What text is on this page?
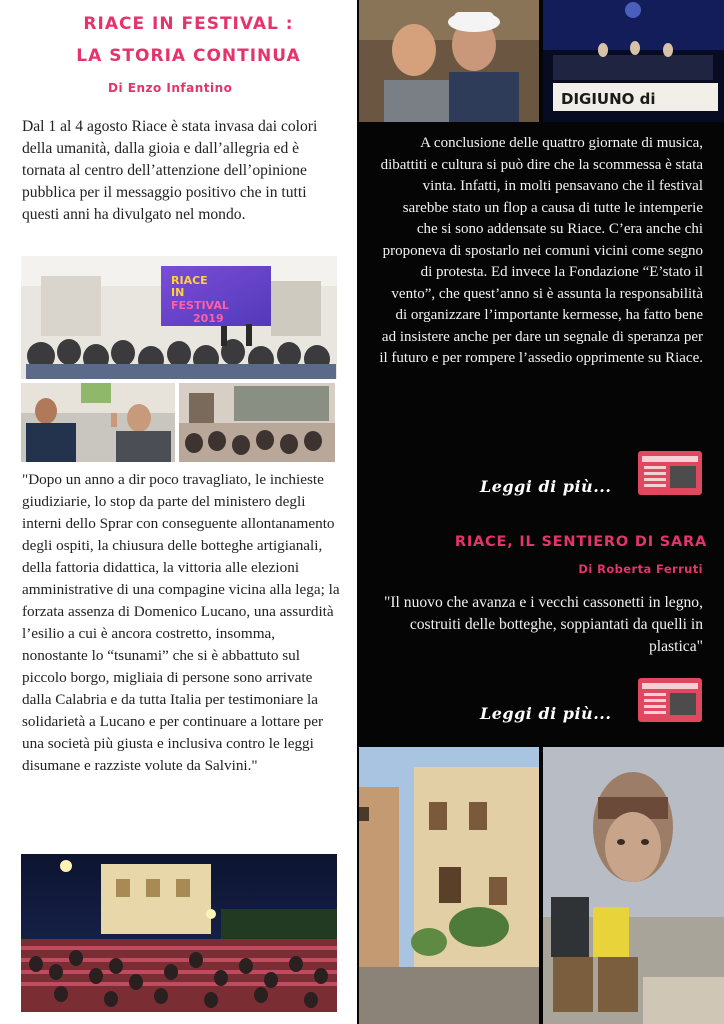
RIACE IN FESTIVAL :
LA STORIA CONTINUA
Di Enzo Infantino

Dal 1 al 4 agosto Riace è stata invasa dai colori della umanità, dalla gioia e dall’allegria ed è tornata al centro dell’attenzione dell’opinione pubblica per il messaggio positivo che in tutti questi anni ha divulgato nel mondo.

RIACE
IN
FESTIVAL
2019

"Dopo un anno a dir poco travagliato, le inchieste giudiziarie, lo stop da parte del ministero degli interni dello Sprar con conseguente allontanamento degli ospiti, la chiusura delle botteghe artigianali, della fattoria didattica, la vittoria alle elezioni amministrative di una compagine vicina alla lega; la forzata assenza di Domenico Lucano, una assurdità l’esilio a cui è ancora costretto, insomma, nonostante lo “tsunami” che si è abbattuto sul piccolo borgo, migliaia di persone sono arrivate dalla Calabria e da tutta Italia per testimoniare la solidarietà a Lucano e per continuare a lottare per una società più giusta e inclusiva contro le leggi disumane e razziste volute da Salvini."

DIGIUNO di

A conclusione delle quattro giornate di musica, dibattiti e cultura si può dire che la scommessa è stata vinta. Infatti, in molti pensavano che il festival sarebbe stato un flop a causa di tutte le intemperie che si sono addensate su Riace. C’era anche chi proponeva di spostarlo nei comuni vicini come segno di protesta. Ed invece la Fondazione “E’stato il vento”, che quest’anno si è assunta la responsabilità di organizzare l’importante kermesse, ha fatto bene ad insistere anche per dare un segnale di speranza per il futuro e per rompere l’assedio opprimente su Riace.

Leggi di più...
RIACE, IL SENTIERO DI SARA
Di Roberta Ferruti

"Il nuovo che avanza e i vecchi cassonetti in legno, costruiti delle botteghe, soppiantati da quelli in plastica"

Leggi di più...
